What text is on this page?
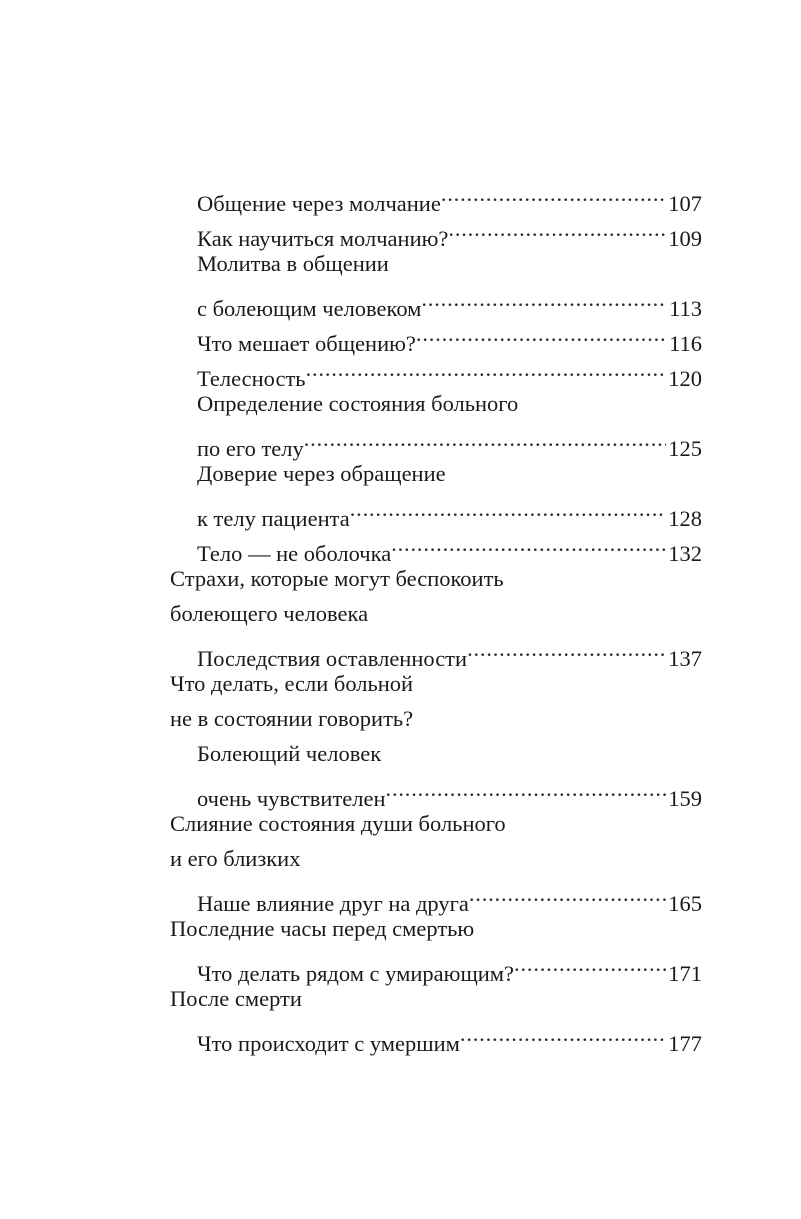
Общение через молчание .....	107
Как научиться молчанию? .....	109
Молитва в общении
с болеющим человеком .....	113
Что мешает общению? .....	116
Телесность .....	120
Определение состояния больного
по его телу .....	125
Доверие через обращение
к телу пациента .....	128
Тело — не оболочка .....	132
Страхи, которые могут беспокоить
болеющего человека
Последствия оставленности .....	137
Что делать, если больной
не в состоянии говорить?
Болеющий человек
очень чувствителен .....	159
Слияние состояния души больного
и его близких
Наше влияние друг на друга .....	165
Последние часы перед смертью
Что делать рядом с умирающим? .....	171
После смерти
Что происходит с умершим .....	177
